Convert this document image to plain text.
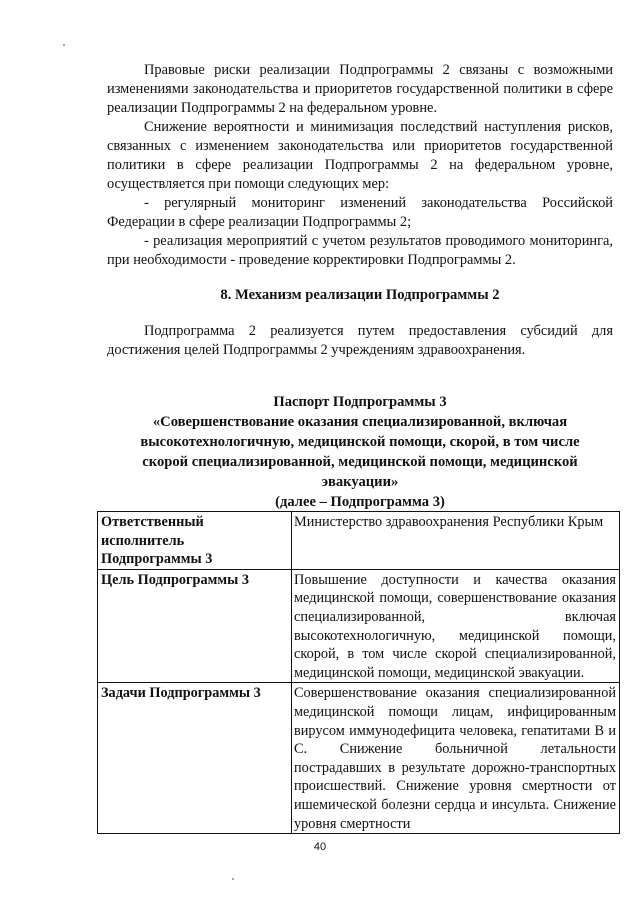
Правовые риски реализации Подпрограммы 2 связаны с возможными изменениями законодательства и приоритетов государственной политики в сфере реализации Подпрограммы 2 на федеральном уровне.

Снижение вероятности и минимизация последствий наступления рисков, связанных с изменением законодательства или приоритетов государственной политики в сфере реализации Подпрограммы 2 на федеральном уровне, осуществляется при помощи следующих мер:

- регулярный мониторинг изменений законодательства Российской Федерации в сфере реализации Подпрограммы 2;

- реализация мероприятий с учетом результатов проводимого мониторинга, при необходимости - проведение корректировки Подпрограммы 2.

8. Механизм реализации Подпрограммы 2

Подпрограмма 2 реализуется путем предоставления субсидий для достижения целей Подпрограммы 2 учреждениям здравоохранения.

Паспорт Подпрограммы 3
«Совершенствование оказания специализированной, включая
высокотехнологичную, медицинской помощи, скорой, в том числе
скорой специализированной, медицинской помощи, медицинской
эвакуации»
(далее – Подпрограмма 3)
Ответственный исполнитель Подпрограммы 3	Министерство здравоохранения Республики Крым
Цель Подпрограммы 3	Повышение доступности и качества оказания медицинской помощи, совершенствование оказания специализированной, включая высокотехнологичную, медицинской помощи, скорой, в том числе скорой специализированной, медицинской помощи, медицинской эвакуации.
Задачи Подпрограммы 3	Совершенствование оказания специализированной медицинской помощи лицам, инфицированным вирусом иммунодефицита человека, гепатитами В и С. Снижение больничной летальности пострадавших в результате дорожно-транспортных происшествий. Снижение уровня смертности от ишемической болезни сердца и инсульта. Снижение уровня смертности
40
